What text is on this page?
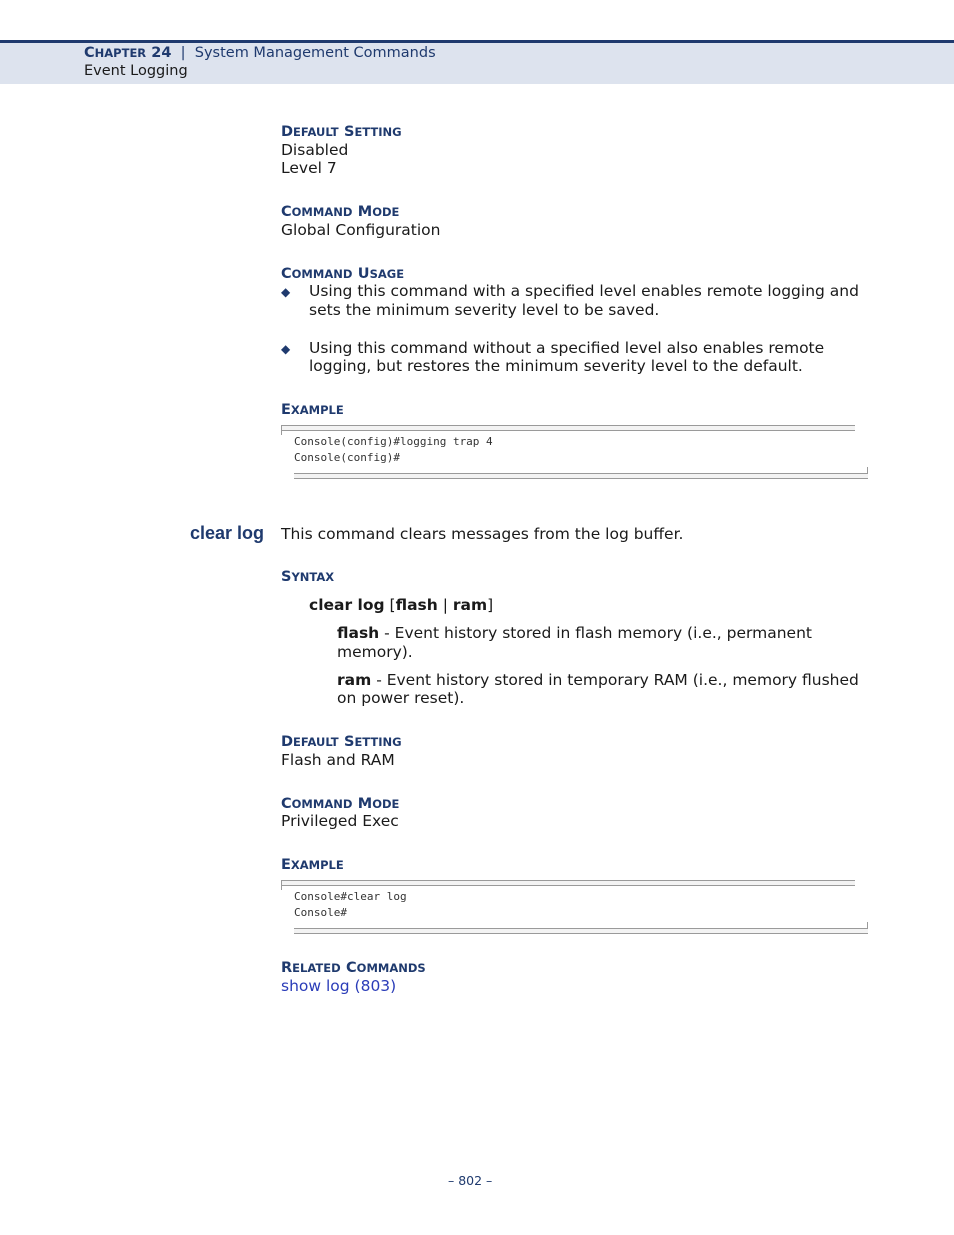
CHAPTER 24 | System Management Commands
Event Logging
DEFAULT SETTING
Disabled
Level 7
COMMAND MODE
Global Configuration
COMMAND USAGE
◆ Using this command with a specified level enables remote logging and
sets the minimum severity level to be saved.
◆ Using this command without a specified level also enables remote
logging, but restores the minimum severity level to the default.
EXAMPLE
Console(config)#logging trap 4
Console(config)#
clear log This command clears messages from the log buffer.
SYNTAX
clear log [flash | ram]
flash - Event history stored in flash memory (i.e., permanent
memory).
ram - Event history stored in temporary RAM (i.e., memory flushed
on power reset).
DEFAULT SETTING
Flash and RAM
COMMAND MODE
Privileged Exec
EXAMPLE
Console#clear log
Console#
RELATED COMMANDS
show log (803)
– 802 –
